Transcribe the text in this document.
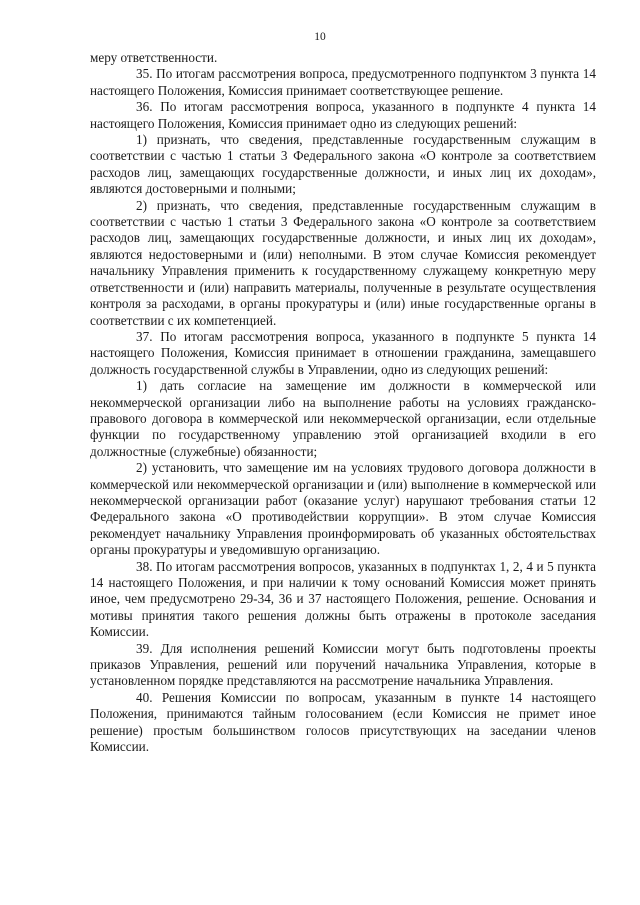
10

меру ответственности.

35. По итогам рассмотрения вопроса, предусмотренного подпунктом 3 пункта 14 настоящего Положения, Комиссия принимает соответствующее решение.

36. По итогам рассмотрения вопроса, указанного в подпункте 4 пункта 14 настоящего Положения, Комиссия принимает одно из следующих решений:

1) признать, что сведения, представленные государственным служащим в соответствии с частью 1 статьи 3 Федерального закона «О контроле за соответствием расходов лиц, замещающих государственные должности, и иных лиц их доходам», являются достоверными и полными;

2) признать, что сведения, представленные государственным служащим в соответствии с частью 1 статьи 3 Федерального закона «О контроле за соответствием расходов лиц, замещающих государственные должности, и иных лиц их доходам», являются недостоверными и (или) неполными. В этом случае Комиссия рекомендует начальнику Управления применить к государственному служащему конкретную меру ответственности и (или) направить материалы, полученные в результате осуществления контроля за расходами, в органы прокуратуры и (или) иные государственные органы в соответствии с их компетенцией.

37. По итогам рассмотрения вопроса, указанного в подпункте 5 пункта 14 настоящего Положения, Комиссия принимает в отношении гражданина, замещавшего должность государственной службы в Управлении, одно из следующих решений:

1) дать согласие на замещение им должности в коммерческой или некоммерческой организации либо на выполнение работы на условиях гражданско-правового договора в коммерческой или некоммерческой организации, если отдельные функции по государственному управлению этой организацией входили в его должностные (служебные) обязанности;

2) установить, что замещение им на условиях трудового договора должности в коммерческой или некоммерческой организации и (или) выполнение в коммерческой или некоммерческой организации работ (оказание услуг) нарушают требования статьи 12 Федерального закона «О противодействии коррупции». В этом случае Комиссия рекомендует начальнику Управления проинформировать об указанных обстоятельствах органы прокуратуры и уведомившую организацию.

38. По итогам рассмотрения вопросов, указанных в подпунктах 1, 2, 4 и 5 пункта 14 настоящего Положения, и при наличии к тому оснований Комиссия может принять иное, чем предусмотрено 29-34, 36 и 37 настоящего Положения, решение. Основания и мотивы принятия такого решения должны быть отражены в протоколе заседания Комиссии.

39. Для исполнения решений Комиссии могут быть подготовлены проекты приказов Управления, решений или поручений начальника Управления, которые в установленном порядке представляются на рассмотрение начальника Управления.

40. Решения Комиссии по вопросам, указанным в пункте 14 настоящего Положения, принимаются тайным голосованием (если Комиссия не примет иное решение) простым большинством голосов присутствующих на заседании членов Комиссии.
